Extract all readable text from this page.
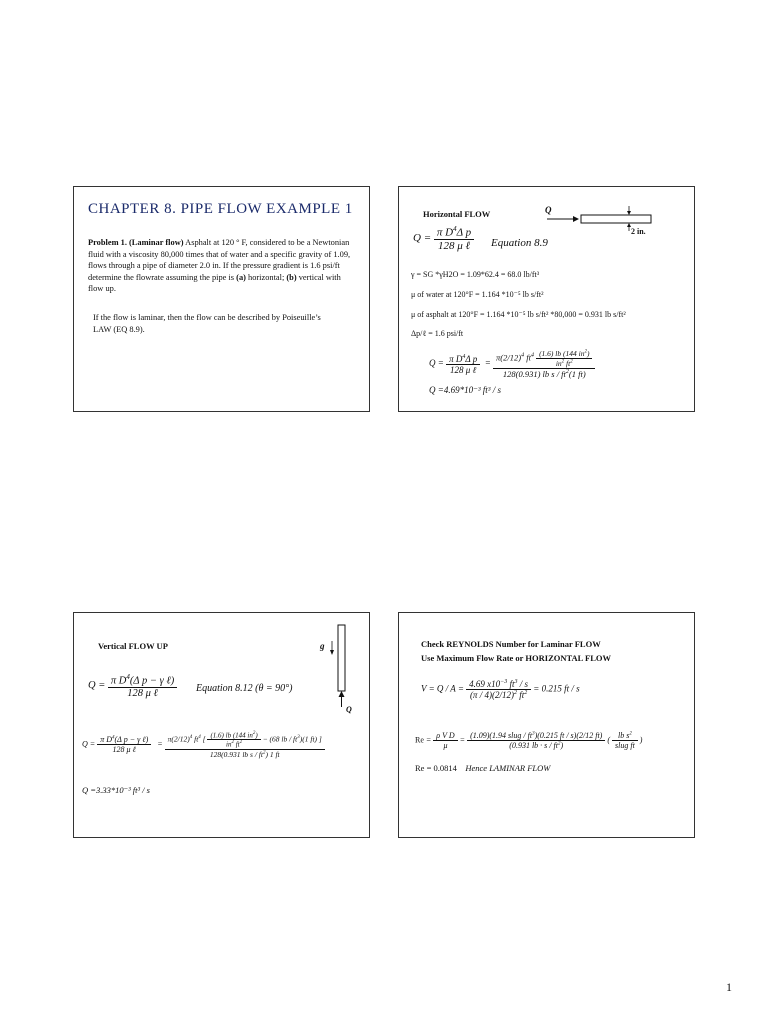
CHAPTER 8. PIPE FLOW EXAMPLE 1
Problem 1. (Laminar flow) Asphalt at 120 ° F, considered to be a Newtonian fluid with a viscosity 80,000 times that of water and a specific gravity of 1.09, flows through a pipe of diameter 2.0 in. If the pressure gradient is 1.6 psi/ft determine the flowrate assuming the pipe is (a) horizontal; (b) vertical with flow up.
If the flow is laminar, then the flow can be described by Poiseuille’s LAW (EQ 8.9).
Horizontal FLOW	Q
2 in.
$Q = \frac{\pi D^4\Delta p}{\text{128 μ ℓ}}$ Equation 8.9
γ = SG *γH2O = 1.09*62.4 = 68.0 lb/ft³
μ of water at 120°F = 1.164 *10⁻⁵ lb s/ft²
μ of asphalt at 120°F = 1.164 *10⁻⁵ lb s/ft² *80,000 = 0.931 lb s/ft²
Δp/ℓ = 1.6 psi/ft
$Q = \frac{\pi D^4\Delta p}{\text{128 μ ℓ}} = \frac{\pi(2/12)^4 ft^4 \frac{(1.6) lb (144 in^2)}{in^2 ft^2}}{128(0.931) lb s / ft^2(1 ft)}$
Q =4.69*10⁻³ ft³ / s
Vertical FLOW UP	g
Q
$Q = \frac{\pi D^4(\Delta p - \gamma \ell)}{\text{128 μ ℓ}}$ Equation 8.12 (θ = 90°)
$Q = \frac{\pi D^4(\Delta p - \gamma \ell)}{\text{128 μ ℓ}}$ =
$\pi(2/12)^4$ $ft^4$ [ $\frac{(1.6) lb (144 in^2)}{in^2 ft^2} - (68$ lb / $ft^3)(1$ ft) ]
128(0.931 lb s / $ft^2$) 1 ft
Q =3.33*10⁻³ ft³ / s
Check REYNOLDS Number for Laminar FLOW
Use Maximum Flow Rate or HORIZONTAL FLOW
$V = Q / A = \frac{4.69 x10^{-3} ft^3 / s}{(\pi / 4)(2/12)^2 ft^2} = 0.215$ ft / s
$Re = \frac{\text{ρ V D}}{\mu} = \frac{(1.09)(1.94 slug / ft^3)(0.215 ft / s)(2/12 ft)}{(0.931 lb \cdot s / ft^2)}$ ( $\frac{lb s^2}{\text{slug ft}}$ )
Re = 0.0814 Hence LAMINAR FLOW
1
